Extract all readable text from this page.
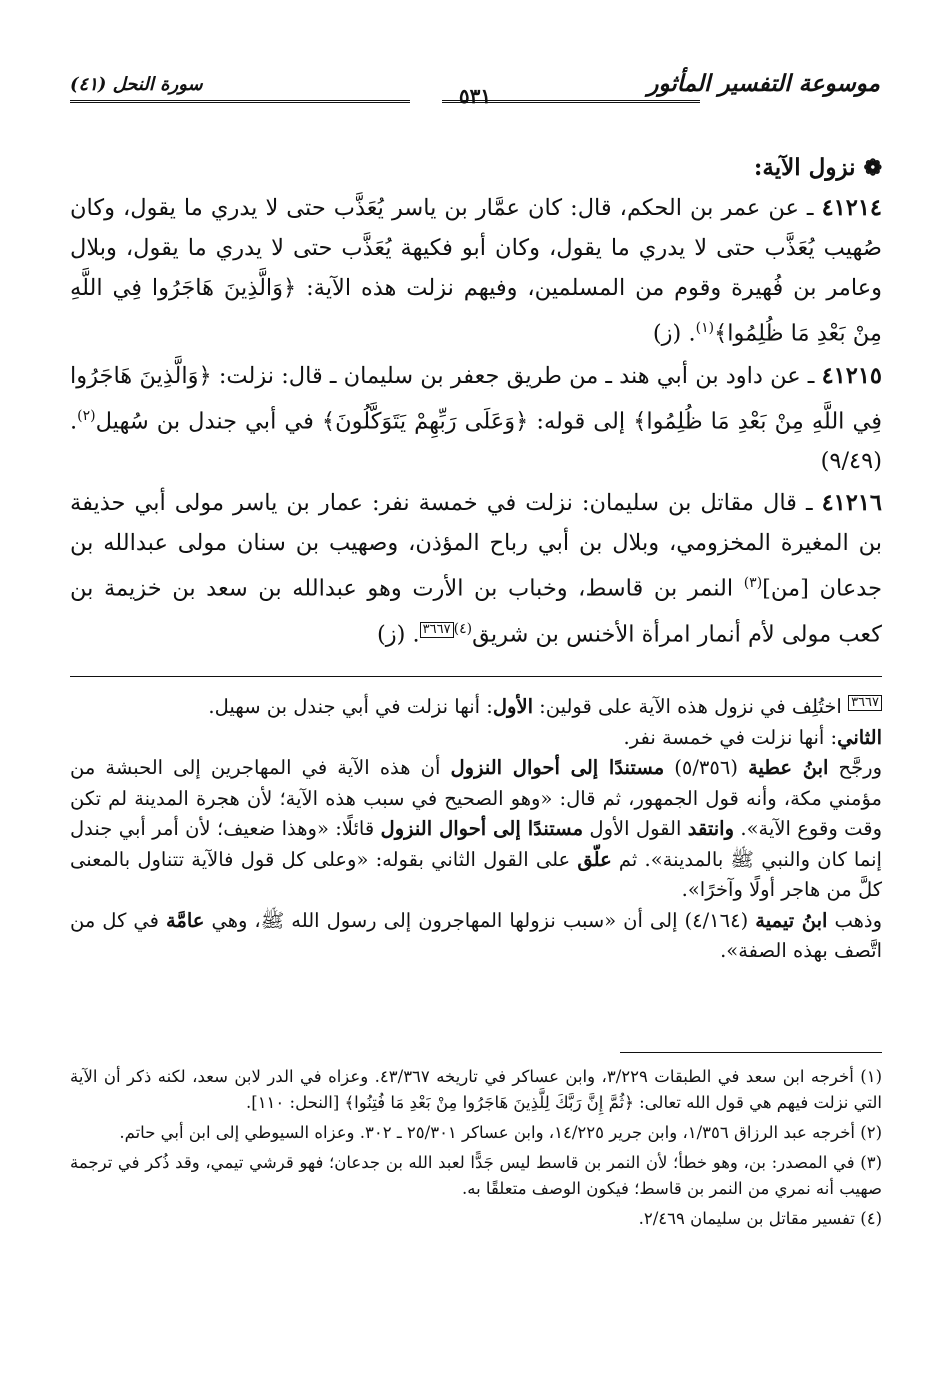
موسوعة التفسير المأثور
٥٣١
سورة النحل (٤١)
❁نزول الآية:

٤١٢١٤ ـ عن عمر بن الحكم، قال: كان عمَّار بن ياسر يُعَذَّب حتى لا يدري ما يقول، وكان صُهيب يُعَذَّب حتى لا يدري ما يقول، وكان أبو فكيهة يُعَذَّب حتى لا يدري ما يقول، وبلال وعامر بن فُهيرة وقوم من المسلمين، وفيهم نزلت هذه الآية: ﴿وَالَّذِينَ هَاجَرُوا فِي اللَّهِ مِنْ بَعْدِ مَا ظُلِمُوا﴾$^{(١)}$. (ز)

٤١٢١٥ ـ عن داود بن أبي هند ـ من طريق جعفر بن سليمان ـ قال: نزلت: ﴿وَالَّذِينَ هَاجَرُوا فِي اللَّهِ مِنْ بَعْدِ مَا ظُلِمُوا﴾ إلى قوله: ﴿وَعَلَى رَبِّهِمْ يَتَوَكَّلُونَ﴾ في أبي جندل بن سُهيل$^{(٢)}$. (٩/٤٩)

٤١٢١٦ ـ قال مقاتل بن سليمان: نزلت في خمسة نفر: عمار بن ياسر مولى أبي حذيفة بن المغيرة المخزومي، وبلال بن أبي رباح المؤذن، وصهيب بن سنان مولى عبدالله بن جدعان [من]$^{(٣)}$ النمر بن قاسط، وخباب بن الأرت وهو عبدالله بن سعد بن خزيمة بن كعب مولى لأم أنمار امرأة الأخنس بن شريق$^{(٤)}$٣٦٦٧. (ز)

٣٦٦٧ اختُلِف في نزول هذه الآية على قولين: الأول: أنها نزلت في أبي جندل بن سهيل.

الثاني: أنها نزلت في خمسة نفر.

ورجَّح ابنُ عطية (٥/٣٥٦) مستندًا إلى أحوال النزول أن هذه الآية في المهاجرين إلى الحبشة من مؤمني مكة، وأنه قول الجمهور، ثم قال: «وهو الصحيح في سبب هذه الآية؛ لأن هجرة المدينة لم تكن وقت وقوع الآية». وانتقد القول الأول مستندًا إلى أحوال النزول قائلًا: «وهذا ضعيف؛ لأن أمر أبي جندل إنما كان والنبي ﷺ بالمدينة». ثم علّق على القول الثاني بقوله: «وعلى كل قول فالآية تتناول بالمعنى كلَّ من هاجر أولًا وآخرًا».

وذهب ابنُ تيمية (٤/١٦٤) إلى أن «سبب نزولها المهاجرون إلى رسول الله ﷺ، وهي عامَّة في كل من اتَّصف بهذه الصفة».

(١) أخرجه ابن سعد في الطبقات ٣/٢٢٩، وابن عساكر في تاريخه ٤٣/٣٦٧. وعزاه في الدر لابن سعد، لكنه ذكر أن الآية التي نزلت فيهم هي قول الله تعالى: ﴿ثُمَّ إِنَّ رَبَّكَ لِلَّذِينَ هَاجَرُوا مِنْ بَعْدِ مَا فُتِنُوا﴾ [النحل: ١١٠].

(٢) أخرجه عبد الرزاق ١/٣٥٦، وابن جرير ١٤/٢٢٥، وابن عساكر ٢٥/٣٠١ ـ ٣٠٢. وعزاه السيوطي إلى ابن أبي حاتم.

(٣) في المصدر: بن، وهو خطأ؛ لأن النمر بن قاسط ليس جَدًّا لعبد الله بن جدعان؛ فهو قرشي تيمي، وقد ذُكر في ترجمة صهيب أنه نمري من النمر بن قاسط؛ فيكون الوصف متعلقًا به.

(٤) تفسير مقاتل بن سليمان ٢/٤٦٩.
